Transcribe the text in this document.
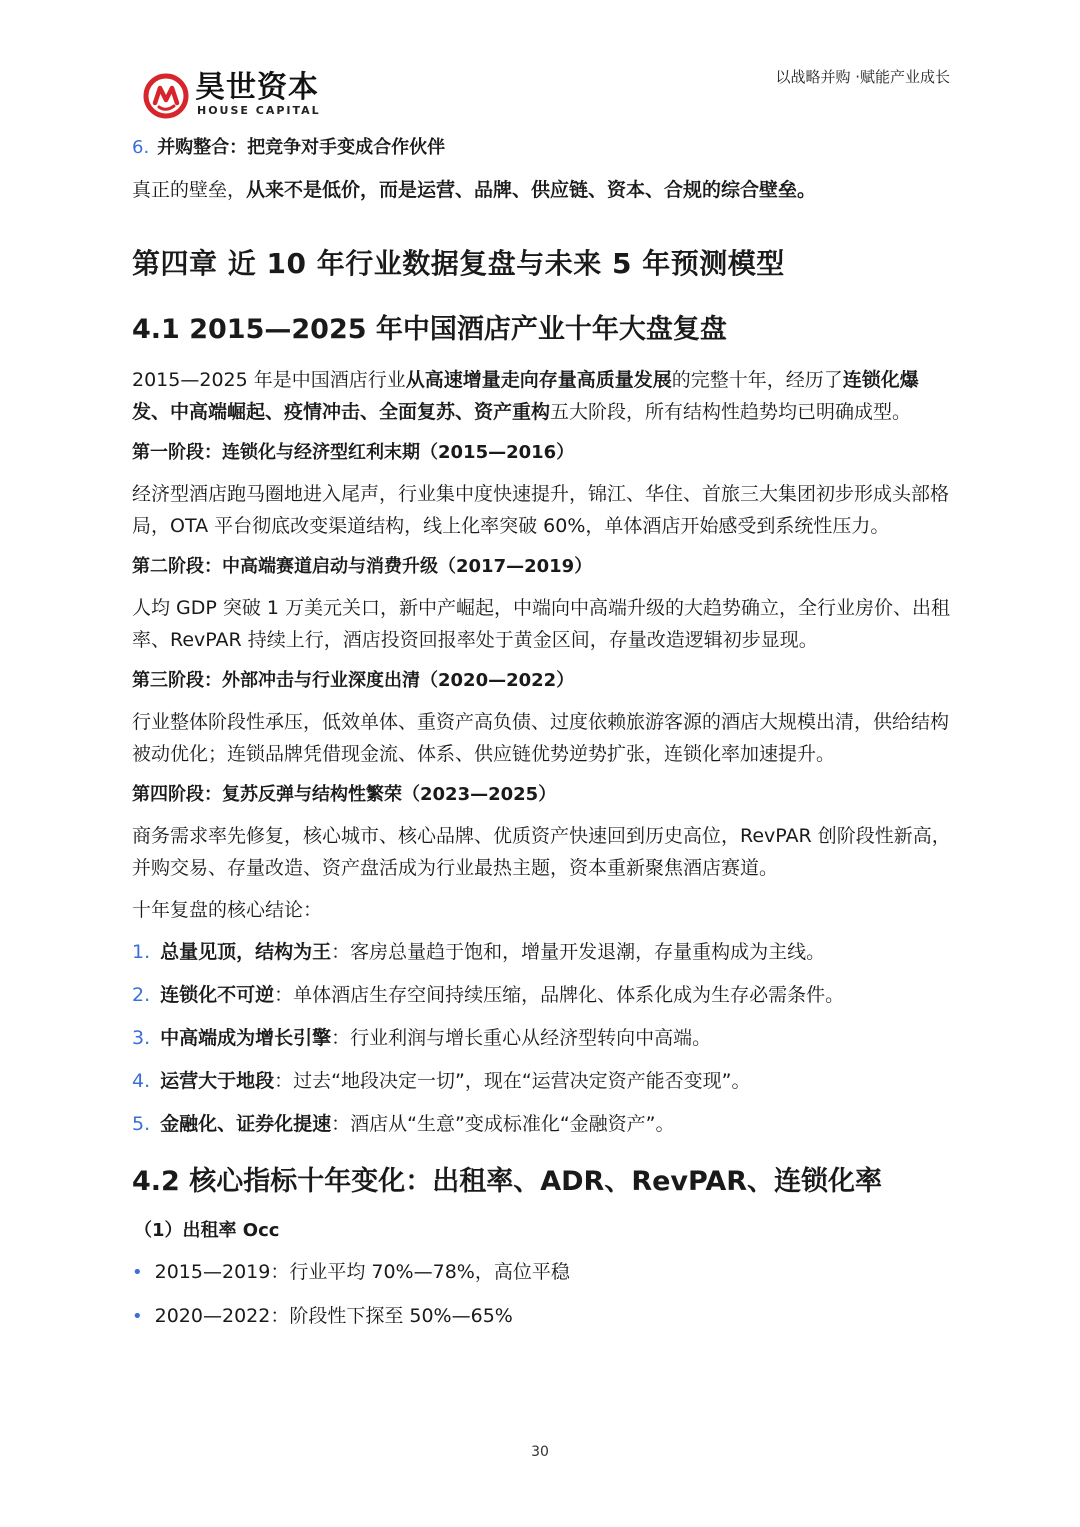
昊世资本
HOUSE CAPITAL
以战略并购 ·赋能产业成长
6. 并购整合：把竞争对手变成合作伙伴

真正的壁垒，从来不是低价，而是运营、品牌、供应链、资本、合规的综合壁垒。

第四章 近 10 年行业数据复盘与未来 5 年预测模型
4.1 2015—2025 年中国酒店产业十年大盘复盘

2015—2025 年是中国酒店行业从高速增量走向存量高质量发展的完整十年，经历了连锁化爆发、中高端崛起、疫情冲击、全面复苏、资产重构五大阶段，所有结构性趋势均已明确成型。

第一阶段：连锁化与经济型红利末期（2015—2016）

经济型酒店跑马圈地进入尾声，行业集中度快速提升，锦江、华住、首旅三大集团初步形成头部格局，OTA 平台彻底改变渠道结构，线上化率突破 60%，单体酒店开始感受到系统性压力。

第二阶段：中高端赛道启动与消费升级（2017—2019）

人均 GDP 突破 1 万美元关口，新中产崛起，中端向中高端升级的大趋势确立，全行业房价、出租率、RevPAR 持续上行，酒店投资回报率处于黄金区间，存量改造逻辑初步显现。

第三阶段：外部冲击与行业深度出清（2020—2022）

行业整体阶段性承压，低效单体、重资产高负债、过度依赖旅游客源的酒店大规模出清，供给结构被动优化；连锁品牌凭借现金流、体系、供应链优势逆势扩张，连锁化率加速提升。

第四阶段：复苏反弹与结构性繁荣（2023—2025）

商务需求率先修复，核心城市、核心品牌、优质资产快速回到历史高位，RevPAR 创阶段性新高，并购交易、存量改造、资产盘活成为行业最热主题，资本重新聚焦酒店赛道。

十年复盘的核心结论：

1. 总量见顶，结构为王：客房总量趋于饱和，增量开发退潮，存量重构成为主线。

2. 连锁化不可逆：单体酒店生存空间持续压缩，品牌化、体系化成为生存必需条件。

3. 中高端成为增长引擎：行业利润与增长重心从经济型转向中高端。

4. 运营大于地段：过去“地段决定一切”，现在“运营决定资产能否变现”。

5. 金融化、证券化提速：酒店从“生意”变成标准化“金融资产”。

4.2 核心指标十年变化：出租率、ADR、RevPAR、连锁化率
（1）出租率 Occ

• 2015—2019：行业平均 70%—78%，高位平稳

• 2020—2022：阶段性下探至 50%—65%

30
